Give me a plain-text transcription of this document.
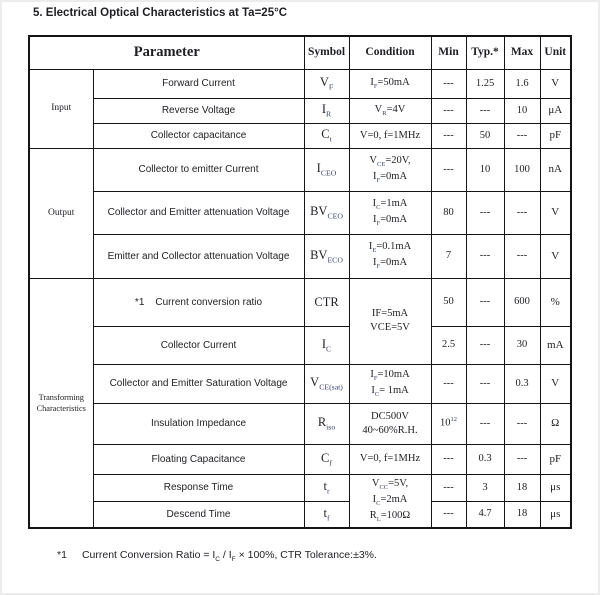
5. Electrical Optical Characteristics at Ta=25°C
Parameter		Symbol	Condition	Min	Typ.*	Max	Unit
Input	Forward Current	$V_F$	$I_F=50mA$	---	1.25	1.6	V
	Reverse Voltage	$I_R$	$V_R=4V$	---	---	10	μA
	Collector capacitance	$C_t$	V=0, f=1MHz	---	50	---	pF
Output	Collector to emitter Current	$I_{CEO}$	$V_{CE}=20V$,
$I_F=0mA$	---	10	100	nA
	Collector and Emitter attenuation Voltage	$BV_{CEO}$	$I_C=1mA$
$I_F=0mA$	80	---	---	V
	Emitter and Collector attenuation Voltage	$BV_{ECO}$	$I_E=0.1mA$
$I_F=0mA$	7	---	---	V
Transforming
Characteristics	*1 Current conversion ratio	CTR	IF=5mA
VCE=5V	50	---	600	%
	Collector Current	$I_C$		2.5	---	30	mA
	Collector and Emitter Saturation Voltage	$V_{CE(sat)}$	$I_F=10mA$
$I_C= 1mA$	---	---	0.3	V
	Insulation Impedance	$R_{iso}$	DC500V
40~60%R.H.	$10^{12}$	---	---	Ω
	Floating Capacitance	$C_f$	V=0, f=1MHz	---	0.3	---	pF
	Response Time	$t_r$	$V_{CC}=5V$,
$I_C=2mA$
$R_L=100\Omega$	---	3	18	μs
	Descend Time	$t_f$		---	4.7	18	μs

*1 Current Conversion Ratio = $I_C / I_F \times 100\%$, CTR Tolerance:±3%.
